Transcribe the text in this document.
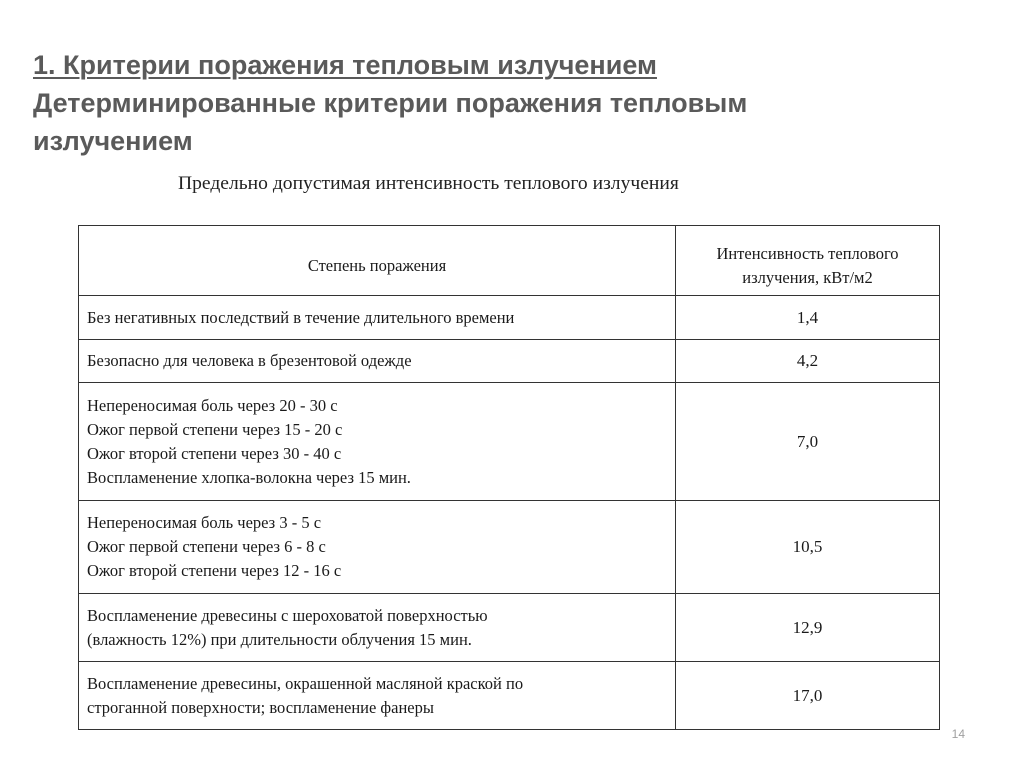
1. Критерии поражения тепловым излучением
Детерминированные критерии поражения тепловым
излучением
Предельно допустимая интенсивность теплового излучения
Степень поражения	Интенсивность теплового
излучения, кВт/м2

Без негативных последствий в течение длительного времени	1,4

Безопасно для человека в брезентовой одежде	4,2

Непереносимая боль через 20 - 30 с
Ожог первой степени через 15 - 20 с
Ожог второй степени через 30 - 40 с
Воспламенение хлопка-волокна через 15 мин.	7,0

Непереносимая боль через 3 - 5 с
Ожог первой степени через 6 - 8 с
Ожог второй степени через 12 - 16 с	10,5

Воспламенение древесины с шероховатой поверхностью
(влажность 12%) при длительности облучения 15 мин.	12,9

Воспламенение древесины, окрашенной масляной краской по
строганной поверхности; воспламенение фанеры	17,0
14
